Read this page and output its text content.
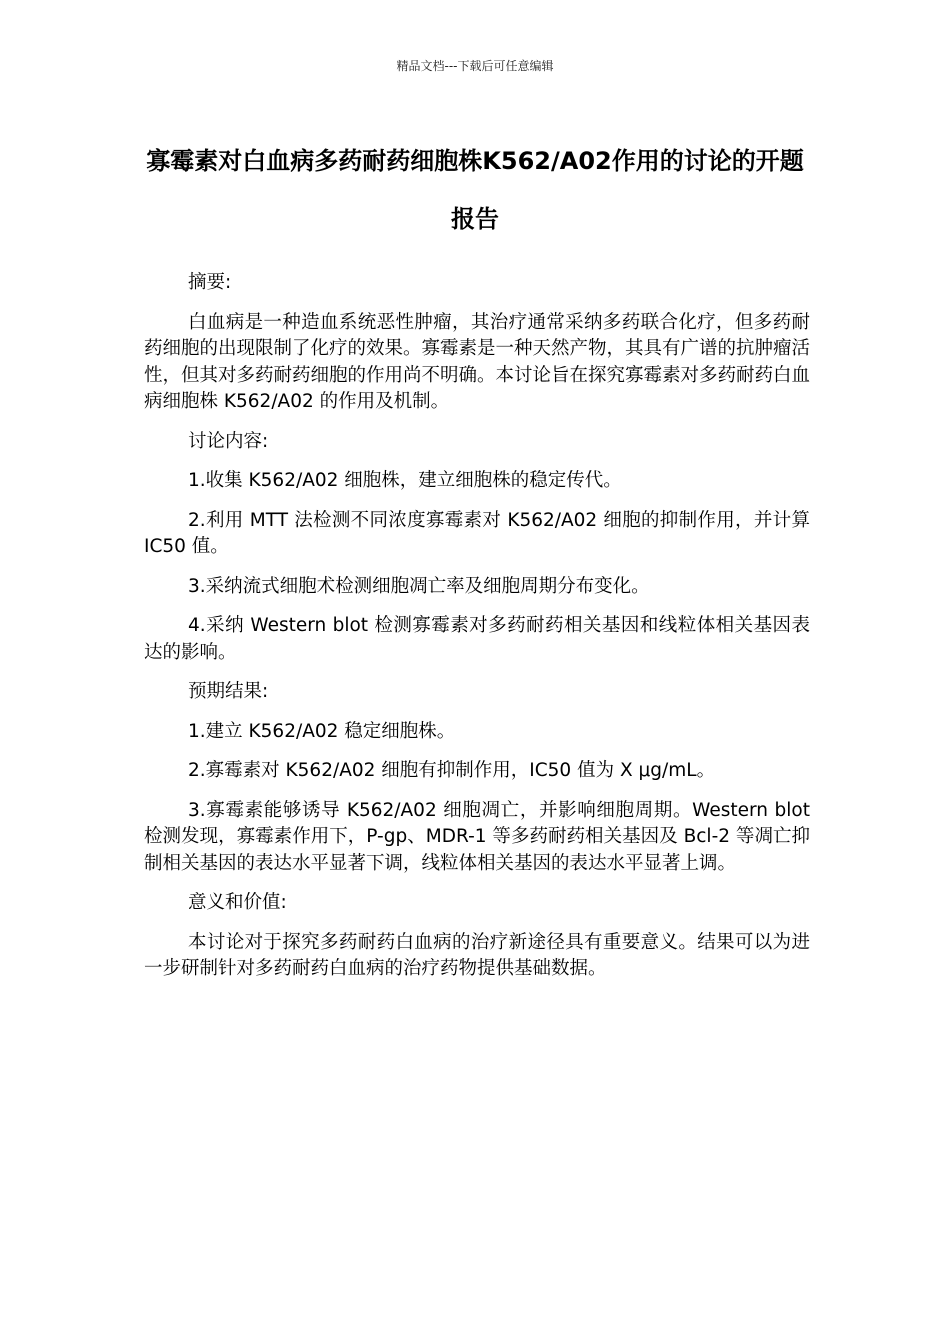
精品文档---下载后可任意编辑
寡霉素对白血病多药耐药细胞株K562/A02作用的讨论的开题报告

摘要:

白血病是一种造血系统恶性肿瘤，其治疗通常采纳多药联合化疗，但多药耐药细胞的出现限制了化疗的效果。寡霉素是一种天然产物，其具有广谱的抗肿瘤活性，但其对多药耐药细胞的作用尚不明确。本讨论旨在探究寡霉素对多药耐药白血病细胞株 K562/A02 的作用及机制。

讨论内容:

1.收集 K562/A02 细胞株，建立细胞株的稳定传代。

2.利用 MTT 法检测不同浓度寡霉素对 K562/A02 细胞的抑制作用，并计算 IC50 值。

3.采纳流式细胞术检测细胞凋亡率及细胞周期分布变化。

4.采纳 Western blot 检测寡霉素对多药耐药相关基因和线粒体相关基因表达的影响。

预期结果:

1.建立 K562/A02 稳定细胞株。

2.寡霉素对 K562/A02 细胞有抑制作用，IC50 值为 X μg/mL。

3.寡霉素能够诱导 K562/A02 细胞凋亡，并影响细胞周期。Western blot 检测发现，寡霉素作用下，P-gp、MDR-1 等多药耐药相关基因及 Bcl-2 等凋亡抑制相关基因的表达水平显著下调，线粒体相关基因的表达水平显著上调。

意义和价值:

本讨论对于探究多药耐药白血病的治疗新途径具有重要意义。结果可以为进一步研制针对多药耐药白血病的治疗药物提供基础数据。
